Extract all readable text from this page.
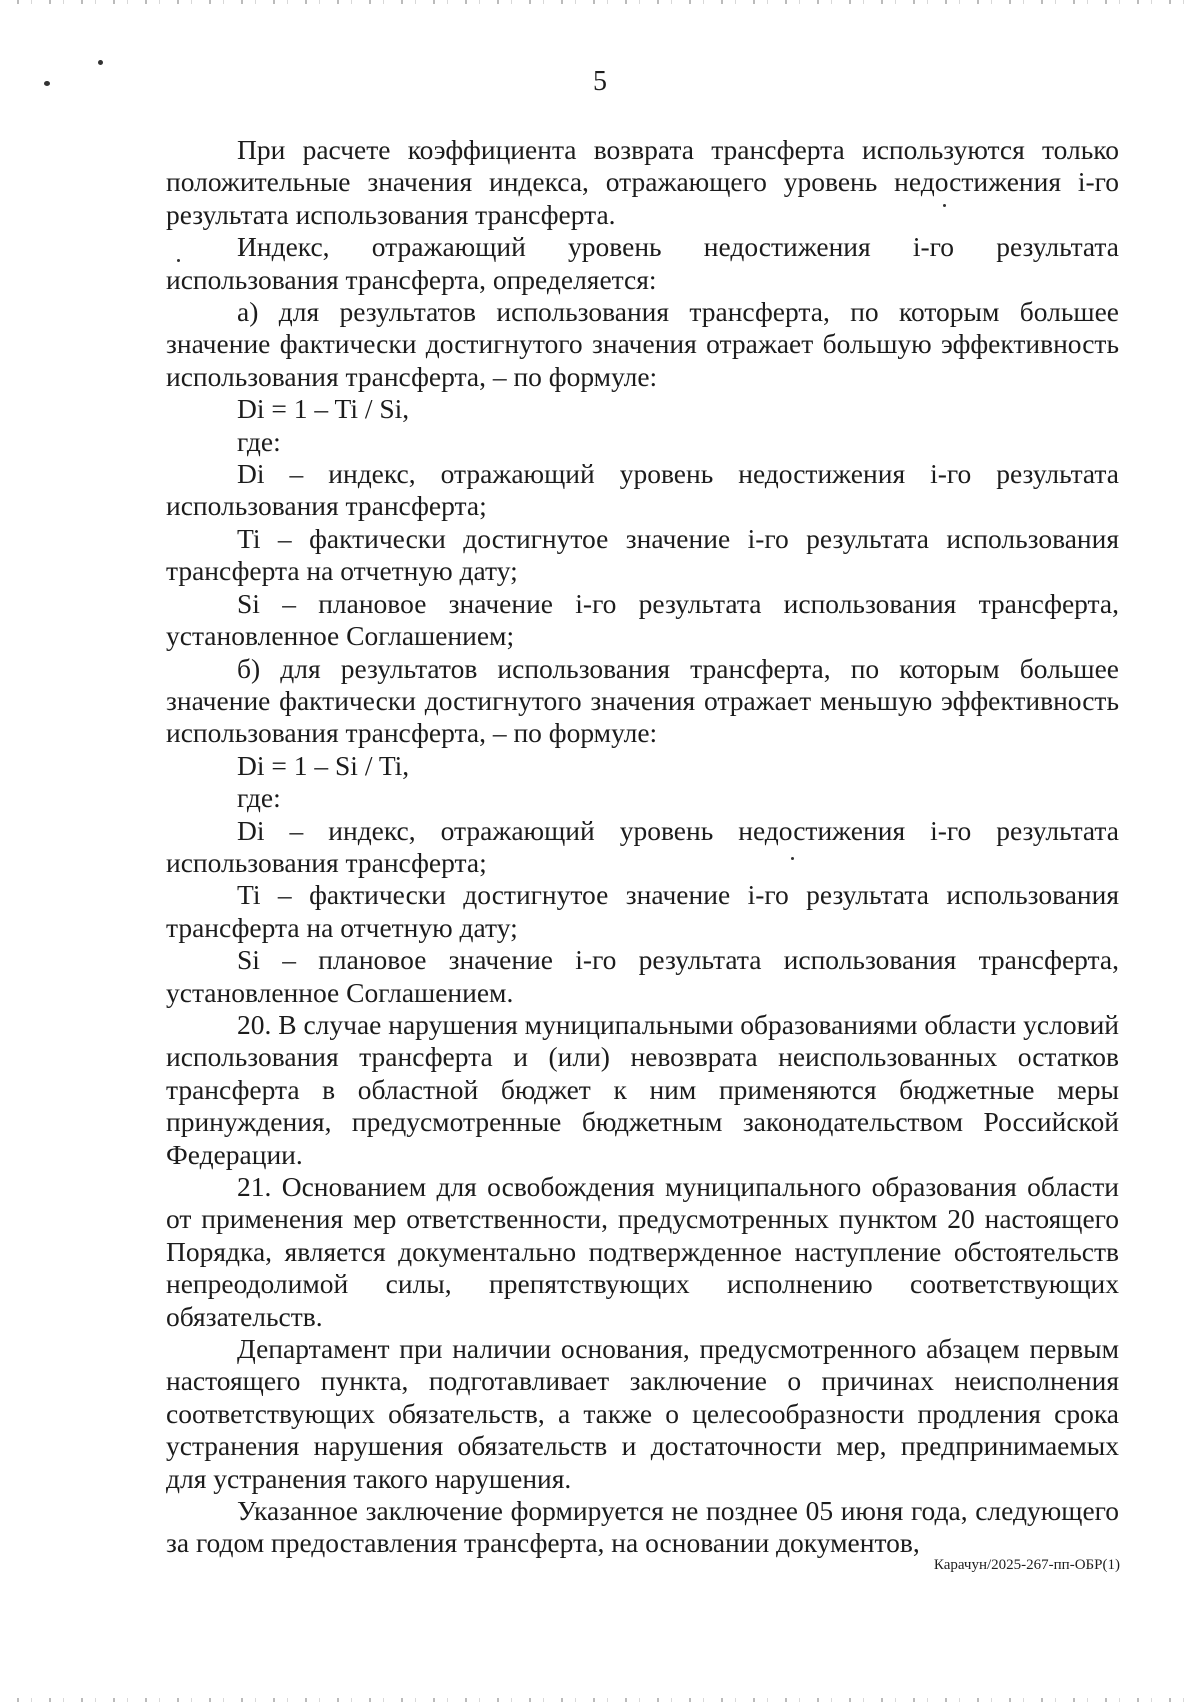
5

При расчете коэффициента возврата трансферта используются только положительные значения индекса, отражающего уровень недостижения i-го результата использования трансферта.

Индекс, отражающий уровень недостижения i-го результата использования трансферта, определяется:

а) для результатов использования трансферта, по которым большее значение фактически достигнутого значения отражает большую эффективность использования трансферта, – по формуле:

Di = 1 – Ti / Si,

где:

Di – индекс, отражающий уровень недостижения i-го результата использования трансферта;

Ti – фактически достигнутое значение i-го результата использования трансферта на отчетную дату;

Si – плановое значение i-го результата использования трансферта, установленное Соглашением;

б) для результатов использования трансферта, по которым большее значение фактически достигнутого значения отражает меньшую эффективность использования трансферта, – по формуле:

Di = 1 – Si / Ti,

где:

Di – индекс, отражающий уровень недостижения i-го результата использования трансферта;

Ti – фактически достигнутое значение i-го результата использования трансферта на отчетную дату;

Si – плановое значение i-го результата использования трансферта, установленное Соглашением.

20. В случае нарушения муниципальными образованиями области условий использования трансферта и (или) невозврата неиспользованных остатков трансферта в областной бюджет к ним применяются бюджетные меры принуждения, предусмотренные бюджетным законодательством Российской Федерации.

21. Основанием для освобождения муниципального образования области от применения мер ответственности, предусмотренных пунктом 20 настоящего Порядка, является документально подтвержденное наступление обстоятельств непреодолимой силы, препятствующих исполнению соответствующих обязательств.

Департамент при наличии основания, предусмотренного абзацем первым настоящего пункта, подготавливает заключение о причинах неисполнения соответствующих обязательств, а также о целесообразности продления срока устранения нарушения обязательств и достаточности мер, предпринимаемых для устранения такого нарушения.

Указанное заключение формируется не позднее 05 июня года, следующего за годом предоставления трансферта, на основании документов,

Карачун/2025-267-пп-ОБР(1)
